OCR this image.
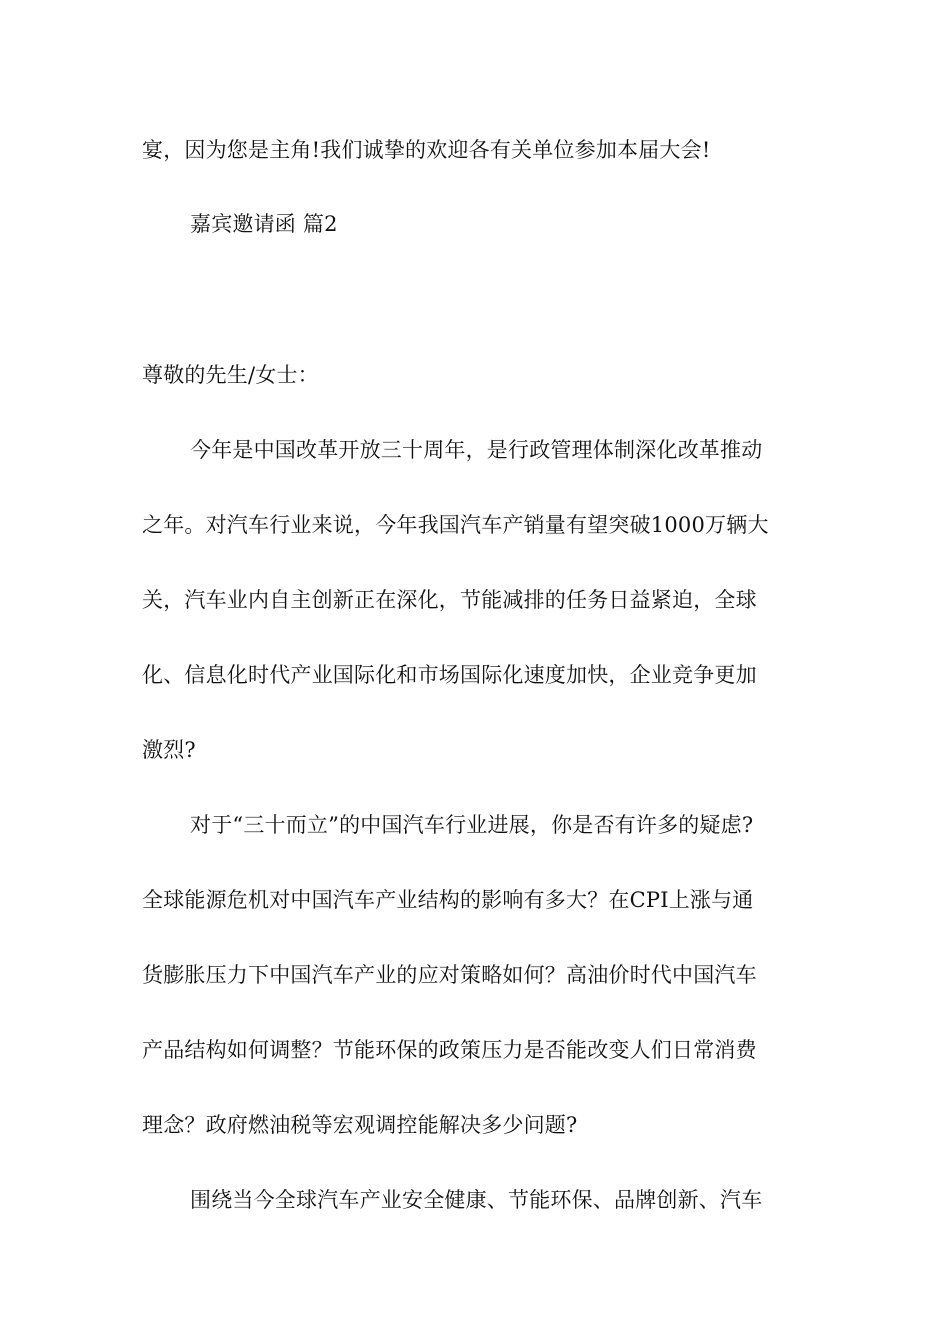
宴，因为您是主角!我们诚挚的欢迎各有关单位参加本届大会!
嘉宾邀请函 篇2
尊敬的先生/女士：
今年是中国改革开放三十周年，是行政管理体制深化改革推动
之年。对汽车行业来说，今年我国汽车产销量有望突破1000万辆大
关，汽车业内自主创新正在深化，节能减排的任务日益紧迫，全球
化、信息化时代产业国际化和市场国际化速度加快，企业竞争更加
激烈?
对于“三十而立”的中国汽车行业进展，你是否有许多的疑虑?
全球能源危机对中国汽车产业结构的影响有多大？在CPI上涨与通
货膨胀压力下中国汽车产业的应对策略如何？高油价时代中国汽车
产品结构如何调整？节能环保的政策压力是否能改变人们日常消费
理念？政府燃油税等宏观调控能解决多少问题?
围绕当今全球汽车产业安全健康、节能环保、品牌创新、汽车
